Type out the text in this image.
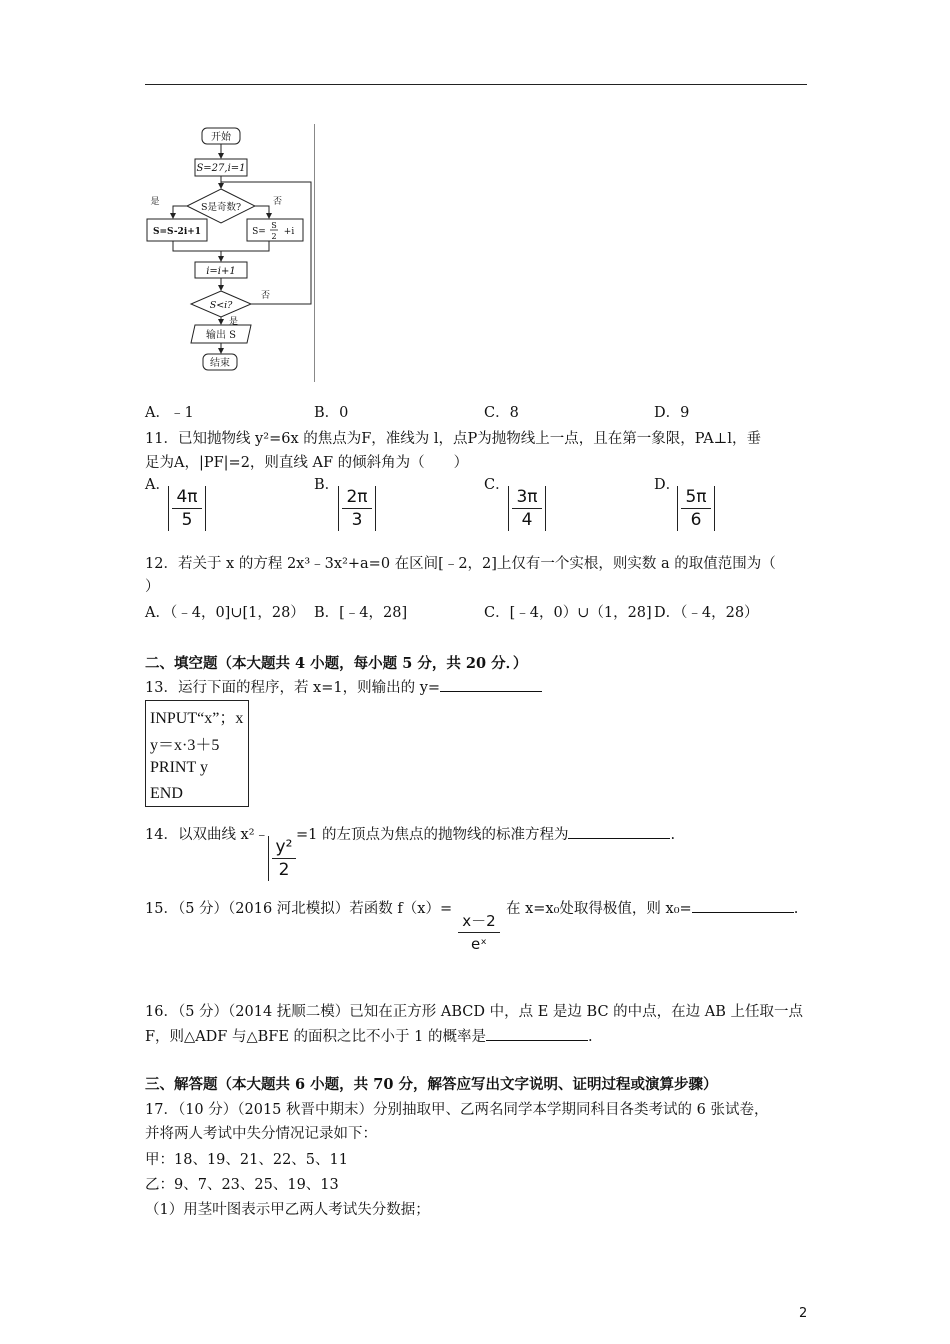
开始
S=27,i=1
S是奇数?
是	否
S=S-2i+1	S=
S
2 +i
i=i+1
S<i?
否
是
输出 S
结束
A．﹣1	B．0	C．8	D．9
11．已知抛物线 y²=6x 的焦点为F，准线为 l，点P为抛物线上一点，且在第一象限，PA⊥l，垂
足为A，|PF|=2，则直线 AF 的倾斜角为（　　）
A．	B．	C．	D．
$\frac{4\pi}{5}$	$\frac{2\pi}{3}$	$\frac{3\pi}{4}$	$\frac{5\pi}{6}$
12．若关于 x 的方程 2x³﹣3x²+a=0 在区间[﹣2，2]上仅有一个实根，则实数 a 的取值范围为（
）
A．（﹣4，0]∪[1，28） B．[﹣4，28]	C．[﹣4，0）∪（1，28] D．（﹣4，28）
二、填空题（本大题共 4 小题，每小题 5 分，共 20 分．）
13．运行下面的程序，若 x=1，则输出的 y=
INPUT“x”；x
y＝x·3＋5
PRINT y
END
14．以双曲线 x²﹣ =1 的左顶点为焦点的抛物线的标准方程为	.
$\frac{\text{y²}}{2}$
15．（5 分）（2016 河北模拟）若函数 f（x）=	在 x=x₀处取得极值，则 x₀=	.
$\frac{x-2}{\text{eˣ}}$
16．（5 分）（2014 抚顺二模）已知在正方形 ABCD 中，点 E 是边 BC 的中点，在边 AB 上任取一点
F，则△ADF 与△BFE 的面积之比不小于 1 的概率是	.
三、解答题（本大题共 6 小题，共 70 分，解答应写出文字说明、证明过程或演算步骤）
17．（10 分）（2015 秋晋中期末）分别抽取甲、乙两名同学本学期同科目各类考试的 6 张试卷，
并将两人考试中失分情况记录如下：
甲：18、19、21、22、5、11
乙：9、7、23、25、19、13
（1）用茎叶图表示甲乙两人考试失分数据；
2
